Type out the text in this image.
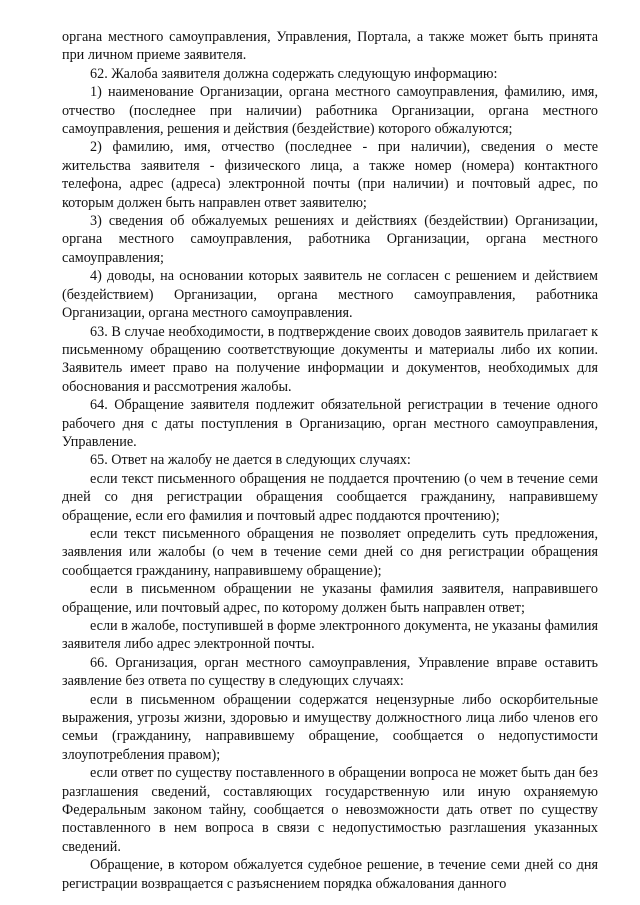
органа местного самоуправления, Управления, Портала, а также может быть принята при личном приеме заявителя.

62. Жалоба заявителя должна содержать следующую информацию:

1) наименование Организации, органа местного самоуправления, фамилию, имя, отчество (последнее при наличии) работника Организации, органа местного самоуправления, решения и действия (бездействие) которого обжалуются;

2) фамилию, имя, отчество (последнее - при наличии), сведения о месте жительства заявителя - физического лица, а также номер (номера) контактного телефона, адрес (адреса) электронной почты (при наличии) и почтовый адрес, по которым должен быть направлен ответ заявителю;

3) сведения об обжалуемых решениях и действиях (бездействии) Организации, органа местного самоуправления, работника Организации, органа местного самоуправления;

4) доводы, на основании которых заявитель не согласен с решением и действием (бездействием) Организации, органа местного самоуправления, работника Организации, органа местного самоуправления.

63. В случае необходимости, в подтверждение своих доводов заявитель прилагает к письменному обращению соответствующие документы и материалы либо их копии. Заявитель имеет право на получение информации и документов, необходимых для обоснования и рассмотрения жалобы.

64. Обращение заявителя подлежит обязательной регистрации в течение одного рабочего дня с даты поступления в Организацию, орган местного самоуправления, Управление.

65. Ответ на жалобу не дается в следующих случаях:

если текст письменного обращения не поддается прочтению (о чем в течение семи дней со дня регистрации обращения сообщается гражданину, направившему обращение, если его фамилия и почтовый адрес поддаются прочтению);

если текст письменного обращения не позволяет определить суть предложения, заявления или жалобы (о чем в течение семи дней со дня регистрации обращения сообщается гражданину, направившему обращение);

если в письменном обращении не указаны фамилия заявителя, направившего обращение, или почтовый адрес, по которому должен быть направлен ответ;

если в жалобе, поступившей в форме электронного документа, не указаны фамилия заявителя либо адрес электронной почты.

66. Организация, орган местного самоуправления, Управление вправе оставить заявление без ответа по существу в следующих случаях:

если в письменном обращении содержатся нецензурные либо оскорбительные выражения, угрозы жизни, здоровью и имуществу должностного лица либо членов его семьи (гражданину, направившему обращение, сообщается о недопустимости злоупотребления правом);

если ответ по существу поставленного в обращении вопроса не может быть дан без разглашения сведений, составляющих государственную или иную охраняемую Федеральным законом тайну, сообщается о невозможности дать ответ по существу поставленного в нем вопроса в связи с недопустимостью разглашения указанных сведений.

Обращение, в котором обжалуется судебное решение, в течение семи дней со дня регистрации возвращается с разъяснением порядка обжалования данного
